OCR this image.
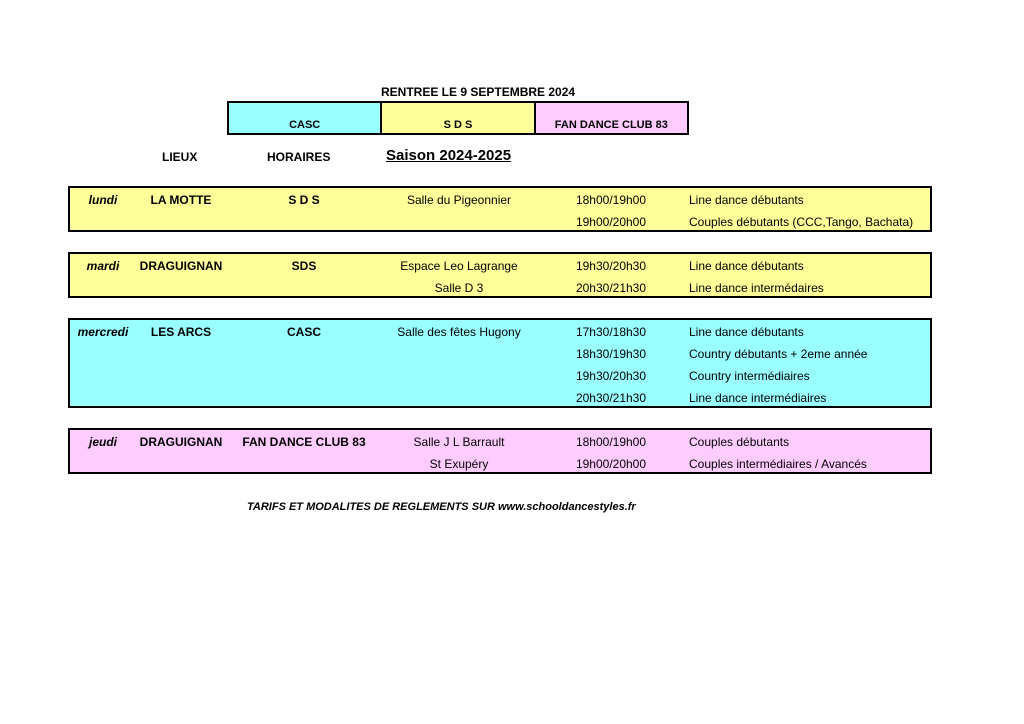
RENTREE LE 9 SEPTEMBRE 2024
CASC	S D S	FAN DANCE CLUB 83
LIEUX	HORAIRES	Saison 2024-2025
lundi	LA MOTTE	S D S	Salle du Pigeonnier	18h00/19h00	Line dance débutants
19h00/20h00	Couples débutants (CCC,Tango, Bachata)
mardi	DRAGUIGNAN	SDS	Espace Leo Lagrange	19h30/20h30	Line dance débutants
Salle D 3	20h30/21h30	Line dance intermédaires
mercredi	LES ARCS	CASC	Salle des fêtes Hugony	17h30/18h30	Line dance débutants
18h30/19h30	Country débutants + 2eme année
19h30/20h30	Country intermédiaires
20h30/21h30	Line dance intermédiaires
jeudi	DRAGUIGNAN	FAN DANCE CLUB 83	Salle J L Barrault	18h00/19h00	Couples débutants
St Exupéry	19h00/20h00	Couples intermédiaires / Avancés
TARIFS ET MODALITES DE REGLEMENTS SUR www.schooldancestyles.fr
